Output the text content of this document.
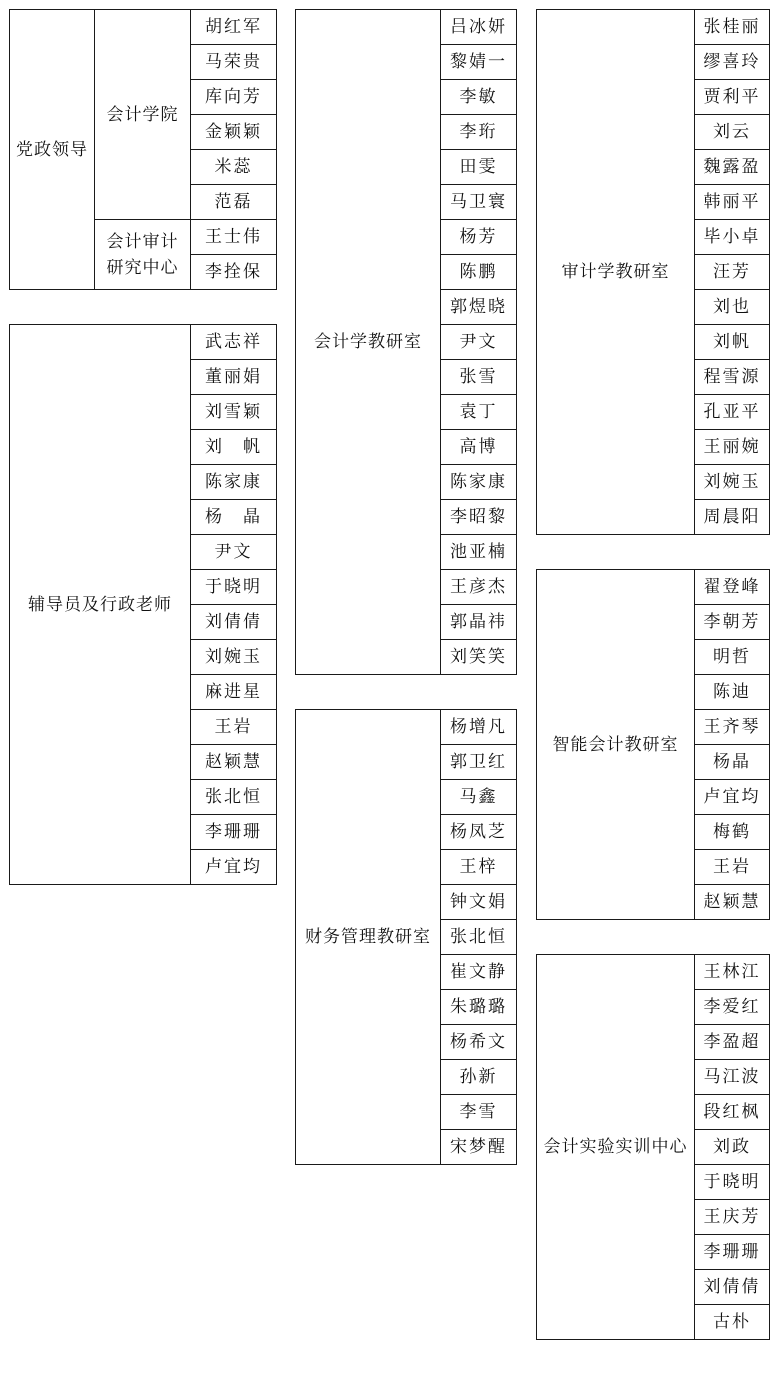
党政领导	会计学院	胡红军
		马荣贵
		库向芳
		金颖颖
		米蕊
		范磊
	会计审计研究中心	王士伟
		李拴保
辅导员及行政老师	武志祥
董丽娟
刘雪颖
刘　帆
陈家康
杨　晶
尹文
于晓明
刘倩倩
刘婉玉
麻进星
王岩
赵颖慧
张北恒
李珊珊
卢宜均
会计学教研室	吕冰妍
黎婧一
李敏
李珩
田雯
马卫寰
杨芳
陈鹏
郭煜晓
尹文
张雪
袁丁
高博
陈家康
李昭黎
池亚楠
王彦杰
郭晶祎
刘笑笑
财务管理教研室	杨增凡
郭卫红
马鑫
杨凤芝
王梓
钟文娟
张北恒
崔文静
朱璐璐
杨希文
孙新
李雪
宋梦醒
审计学教研室	张桂丽
缪喜玲
贾利平
刘云
魏露盈
韩丽平
毕小卓
汪芳
刘也
刘帆
程雪源
孔亚平
王丽婉
刘婉玉
周晨阳
智能会计教研室	翟登峰
李朝芳
明哲
陈迪
王齐琴
杨晶
卢宜均
梅鹤
王岩
赵颖慧
会计实验实训中心	王林江
李爱红
李盈超
马江波
段红枫
刘政
于晓明
王庆芳
李珊珊
刘倩倩
古朴
